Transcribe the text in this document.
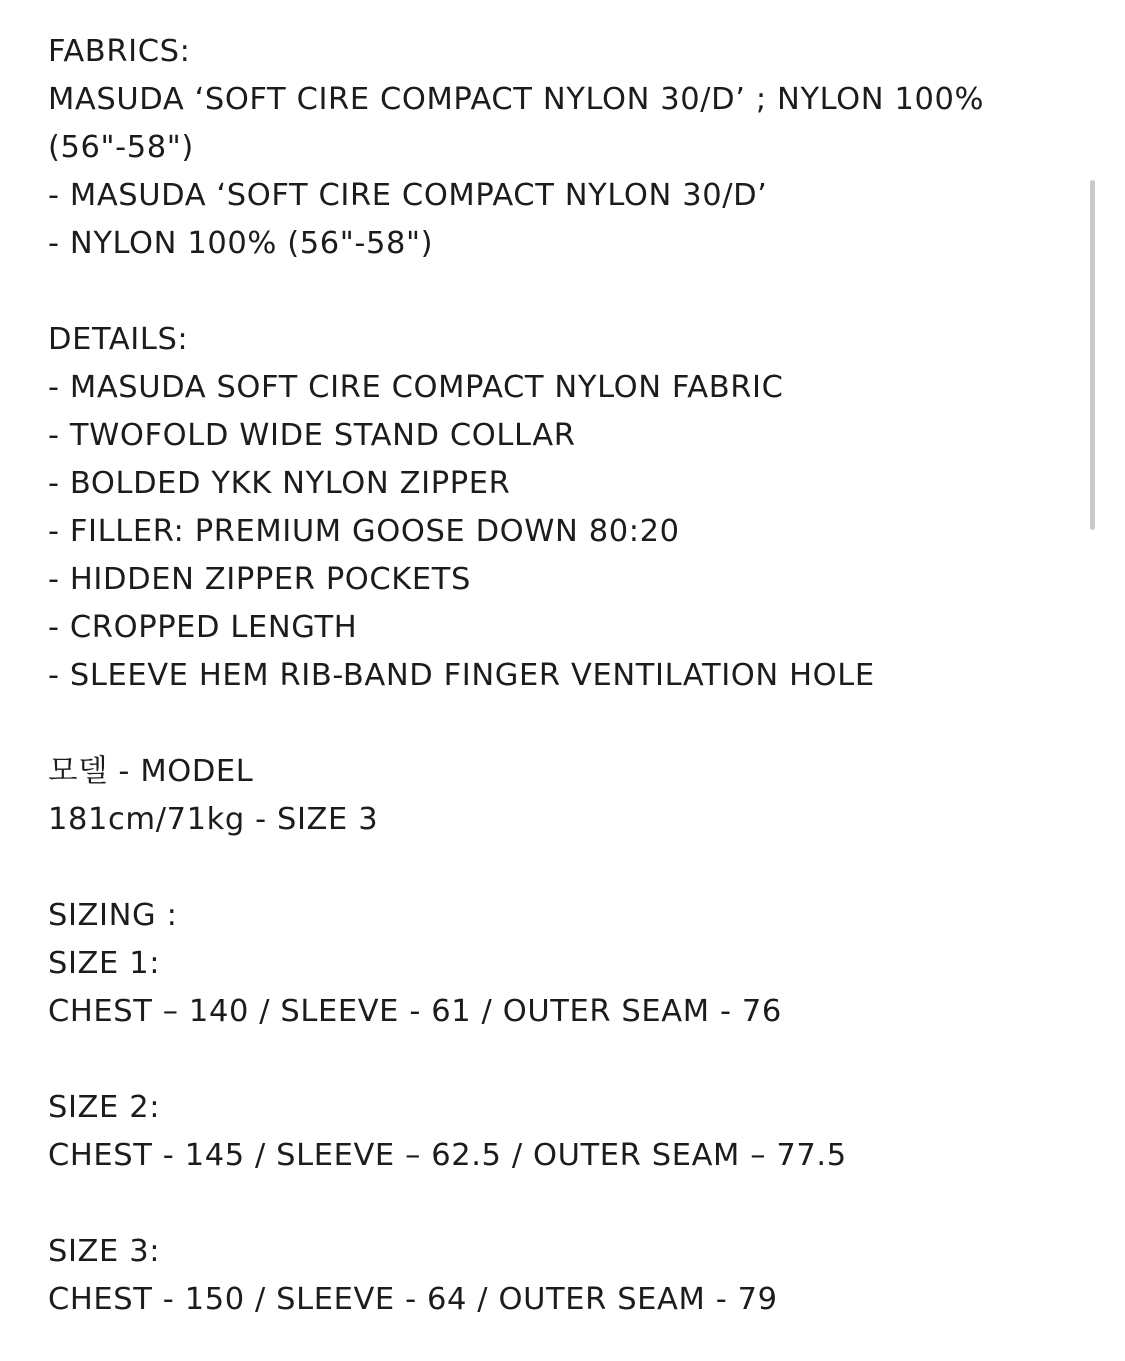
FABRICS:
MASUDA ‘SOFT CIRE COMPACT NYLON 30/D’ ; NYLON 100%
(56"-58")
- MASUDA ‘SOFT CIRE COMPACT NYLON 30/D’
- NYLON 100% (56"-58")
DETAILS:
- MASUDA SOFT CIRE COMPACT NYLON FABRIC
- TWOFOLD WIDE STAND COLLAR
- BOLDED YKK NYLON ZIPPER
- FILLER: PREMIUM GOOSE DOWN 80:20
- HIDDEN ZIPPER POCKETS
- CROPPED LENGTH
- SLEEVE HEM RIB-BAND FINGER VENTILATION HOLE
모델 - MODEL
181cm/71kg - SIZE 3
SIZING :
SIZE 1:
CHEST – 140 / SLEEVE - 61 / OUTER SEAM - 76
SIZE 2:
CHEST - 145 / SLEEVE – 62.5 / OUTER SEAM – 77.5
SIZE 3:
CHEST - 150 / SLEEVE - 64 / OUTER SEAM - 79
